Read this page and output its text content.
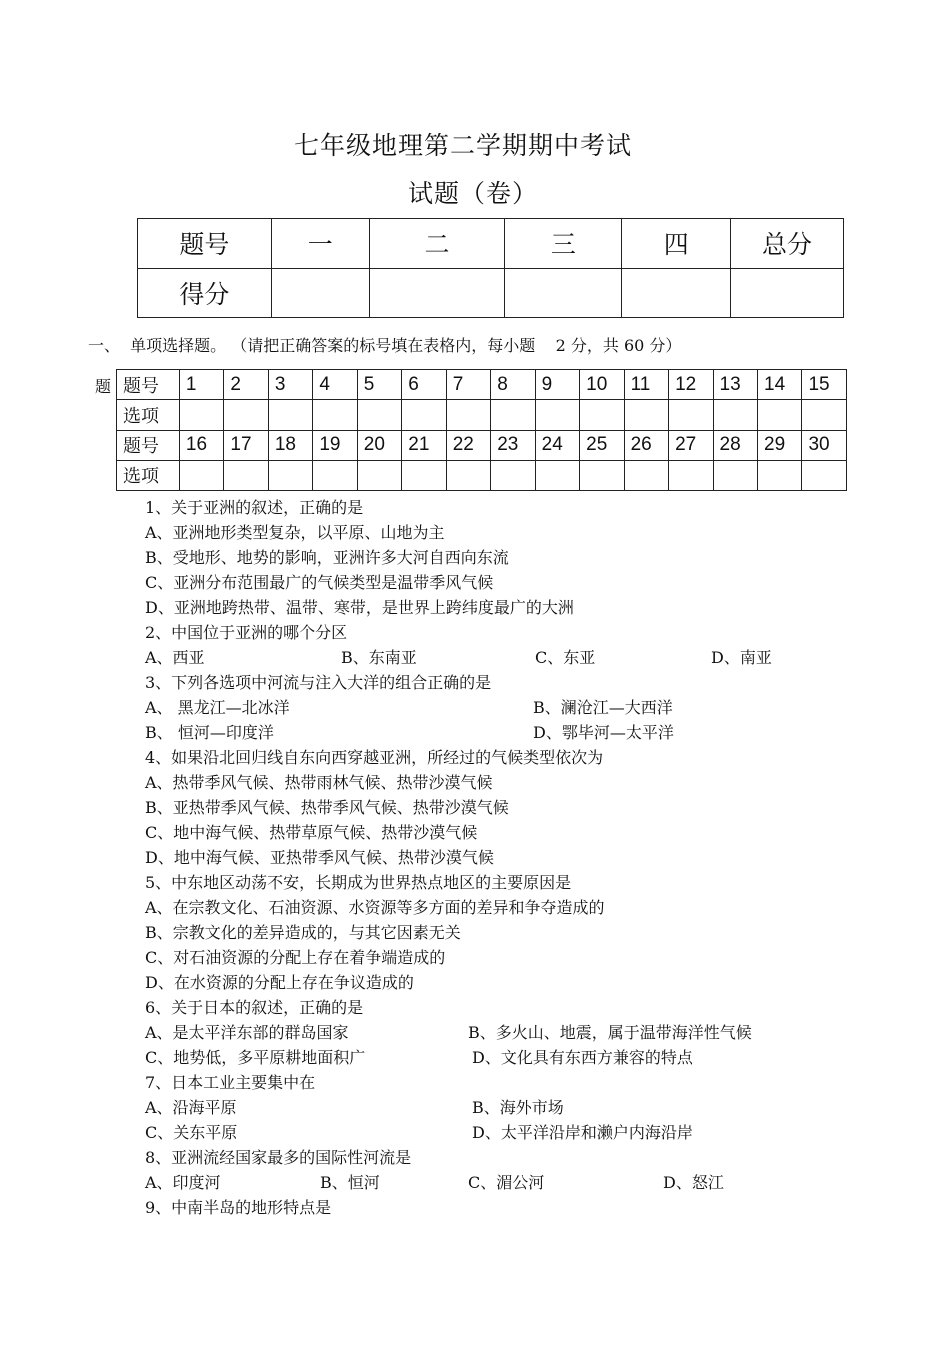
七年级地理第二学期期中考试
试题（卷）
题号	一	二	三	四	总分
得分					
一、  单项选择题。 （请把正确答案的标号填在表格内，每小题    2 分，共 60 分）
题 题号	1	2	3	4	5	6	7	8	9	10	11	12	13	14	15
选项															
题号	16	17	18	19	20	21	22	23	24	25	26	27	28	29	30
选项															
1、关于亚洲的叙述，正确的是
A、亚洲地形类型复杂，以平原、山地为主
B、受地形、地势的影响，亚洲许多大河自西向东流
C、亚洲分布范围最广的气候类型是温带季风气候
D、亚洲地跨热带、温带、寒带，是世界上跨纬度最广的大洲
2、中国位于亚洲的哪个分区
A、西亚	B、东南亚	C、东亚	D、南亚
3、下列各选项中河流与注入大洋的组合正确的是
A、 黑龙江—北冰洋	B、澜沧江—大西洋
B、 恒河—印度洋	D、鄂毕河—太平洋
4、如果沿北回归线自东向西穿越亚洲，所经过的气候类型依次为
A、热带季风气候、热带雨林气候、热带沙漠气候
B、亚热带季风气候、热带季风气候、热带沙漠气候
C、地中海气候、热带草原气候、热带沙漠气候
D、地中海气候、亚热带季风气候、热带沙漠气候
5、中东地区动荡不安，长期成为世界热点地区的主要原因是
A、在宗教文化、石油资源、水资源等多方面的差异和争夺造成的
B、宗教文化的差异造成的，与其它因素无关
C、对石油资源的分配上存在着争端造成的
D、在水资源的分配上存在争议造成的
6、关于日本的叙述，正确的是
A、是太平洋东部的群岛国家	B、多火山、地震，属于温带海洋性气候
C、地势低，多平原耕地面积广	D、文化具有东西方兼容的特点
7、日本工业主要集中在
A、沿海平原	B、海外市场
C、关东平原	D、太平洋沿岸和濑户内海沿岸
8、亚洲流经国家最多的国际性河流是
A、印度河	B、恒河	C、湄公河	D、怒江
9、中南半岛的地形特点是
